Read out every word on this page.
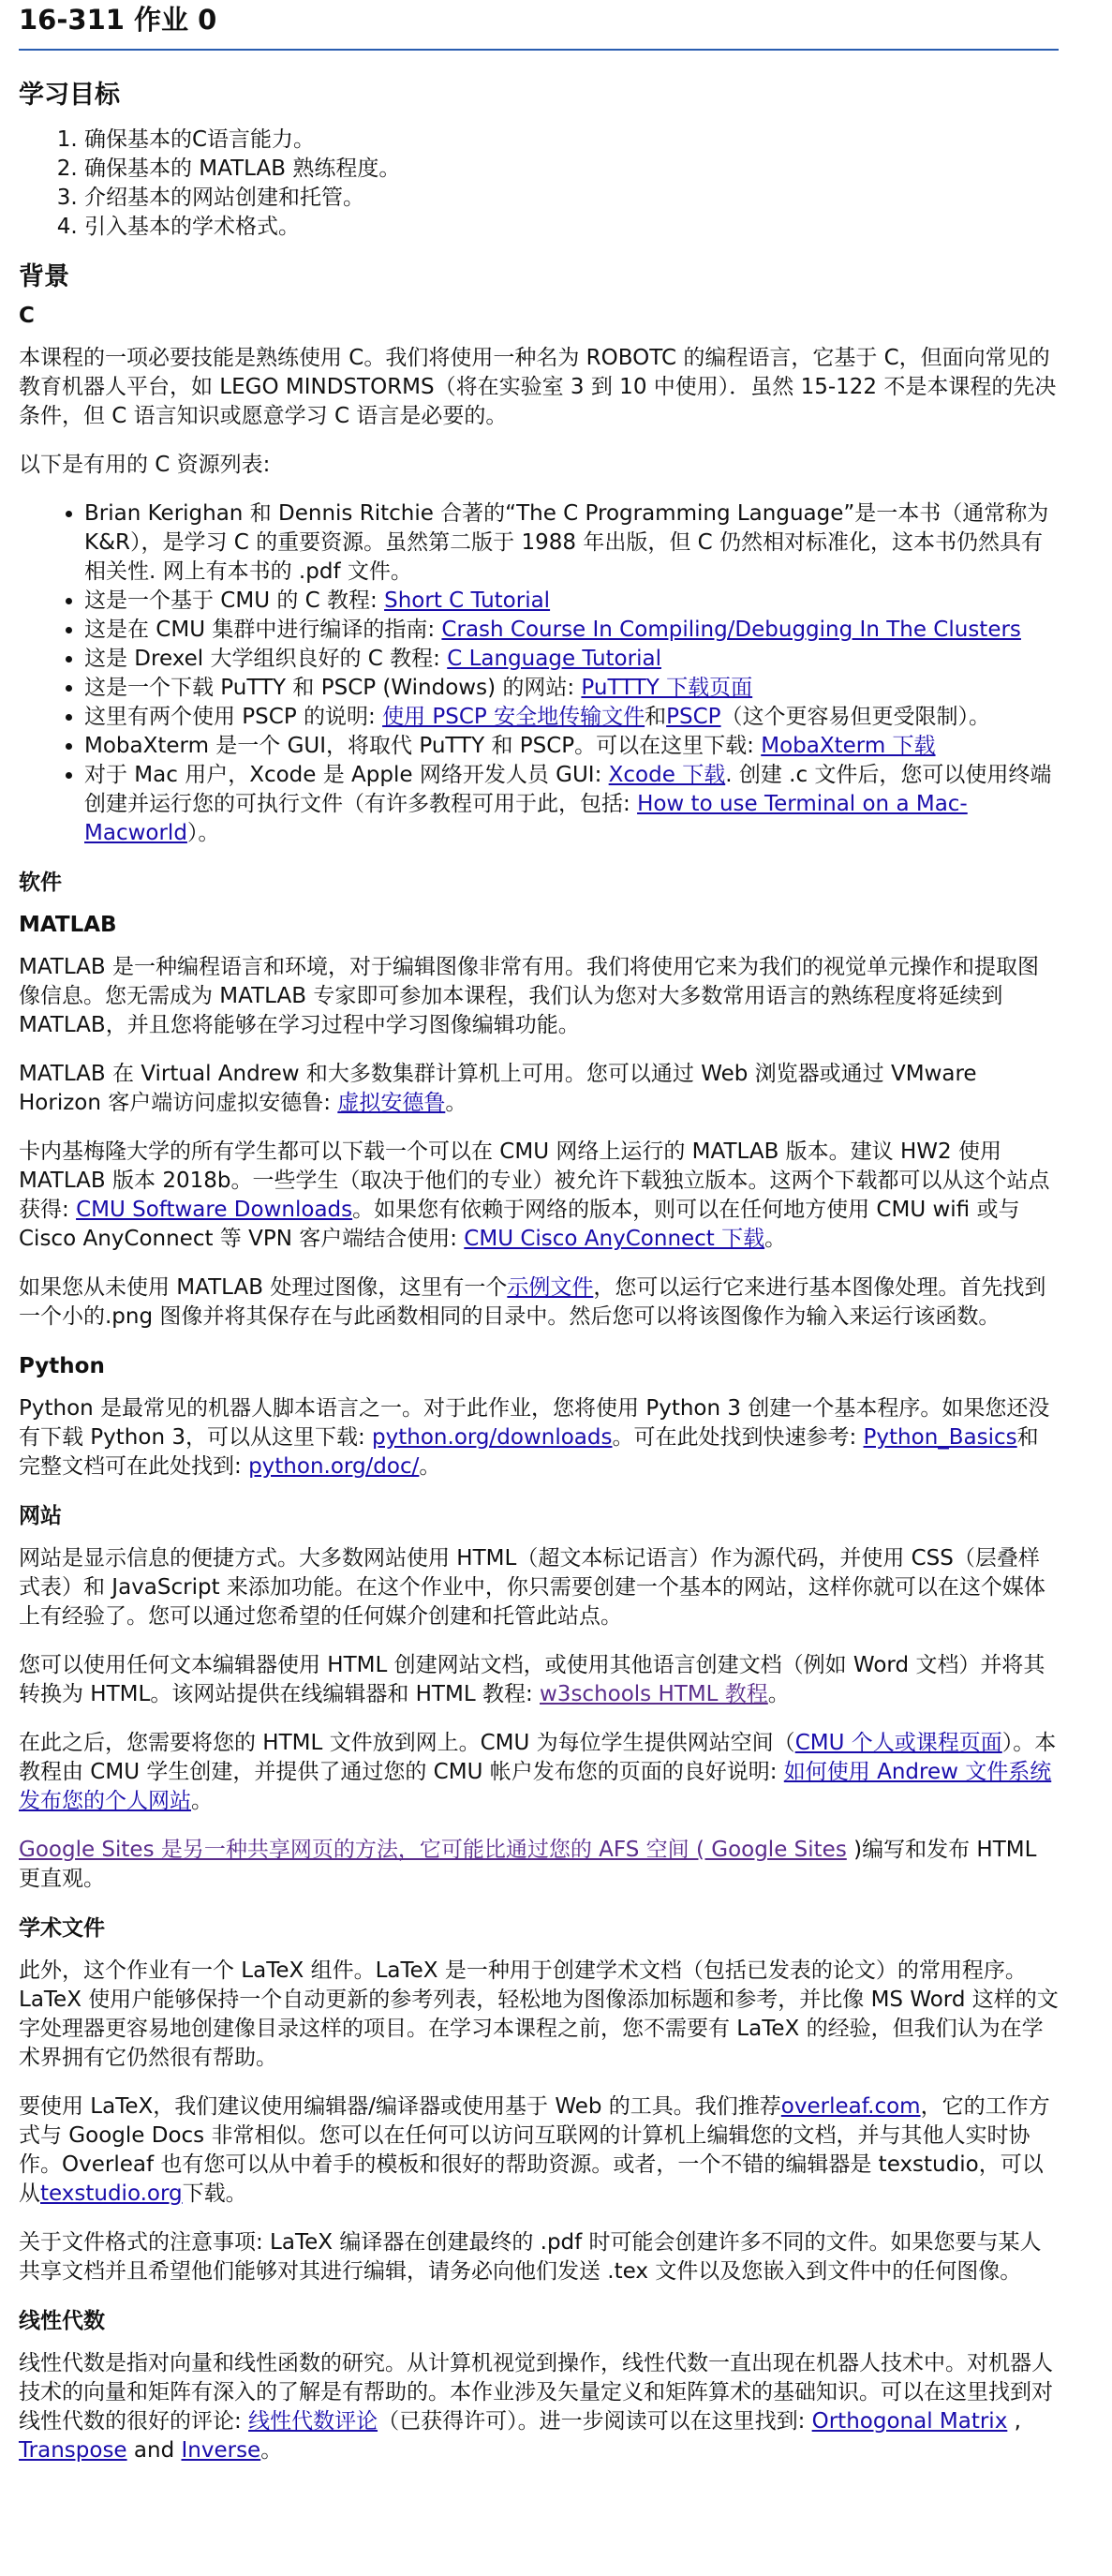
16-311 作业 0
学习目标
1. 确保基本的C语言能力。
2. 确保基本的 MATLAB 熟练程度。
3. 介绍基本的网站创建和托管。
4. 引入基本的学术格式。
背景
C

本课程的一项必要技能是熟练使用 C。我们将使用一种名为 ROBOTC 的编程语言，它基于 C，但面向常见的教育机器人平台，如 LEGO MINDSTORMS（将在实验室 3 到 10 中使用）．虽然 15-122 不是本课程的先决条件，但 C 语言知识或愿意学习 C 语言是必要的。

以下是有用的 C 资源列表:

• Brian Kerighan 和 Dennis Ritchie 合著的“The C Programming Language”是一本书（通常称为 K&R），是学习 C 的重要资源。虽然第二版于 1988 年出版，但 C 仍然相对标准化，这本书仍然具有相关性. 网上有本书的 .pdf 文件。
• 这是一个基于 CMU 的 C 教程: Short C Tutorial
• 这是在 CMU 集群中进行编译的指南: Crash Course In Compiling/Debugging In The Clusters
• 这是 Drexel 大学组织良好的 C 教程: C Language Tutorial
• 这是一个下载 PuTTY 和 PSCP (Windows) 的网站: PuTTTY 下载页面
• 这里有两个使用 PSCP 的说明: 使用 PSCP 安全地传输文件和PSCP（这个更容易但更受限制）。
• MobaXterm 是一个 GUI，将取代 PuTTY 和 PSCP。可以在这里下载: MobaXterm 下载
• 对于 Mac 用户，Xcode 是 Apple 网络开发人员 GUI: Xcode 下载. 创建 .c 文件后，您可以使用终端创建并运行您的可执行文件（有许多教程可用于此，包括: How to use Terminal on a Mac- Macworld）。
软件
MATLAB

MATLAB 是一种编程语言和环境，对于编辑图像非常有用。我们将使用它来为我们的视觉单元操作和提取图像信息。您无需成为 MATLAB 专家即可参加本课程，我们认为您对大多数常用语言的熟练程度将延续到 MATLAB，并且您将能够在学习过程中学习图像编辑功能。

MATLAB 在 Virtual Andrew 和大多数集群计算机上可用。您可以通过 Web 浏览器或通过 VMware Horizon 客户端访问虚拟安德鲁: 虚拟安德鲁。

卡内基梅隆大学的所有学生都可以下载一个可以在 CMU 网络上运行的 MATLAB 版本。建议 HW2 使用 MATLAB 版本 2018b。一些学生（取决于他们的专业）被允许下载独立版本。这两个下载都可以从这个站点获得: CMU Software Downloads。如果您有依赖于网络的版本，则可以在任何地方使用 CMU wifi 或与 Cisco AnyConnect 等 VPN 客户端结合使用: CMU Cisco AnyConnect 下载。

如果您从未使用 MATLAB 处理过图像，这里有一个示例文件，您可以运行它来进行基本图像处理。首先找到一个小的.png 图像并将其保存在与此函数相同的目录中。然后您可以将该图像作为输入来运行该函数。

Python

Python 是最常见的机器人脚本语言之一。对于此作业，您将使用 Python 3 创建一个基本程序。如果您还没有下载 Python 3，可以从这里下载: python.org/downloads。可在此处找到快速参考: Python_Basics和完整文档可在此处找到: python.org/doc/。

网站

网站是显示信息的便捷方式。大多数网站使用 HTML（超文本标记语言）作为源代码，并使用 CSS（层叠样式表）和 JavaScript 来添加功能。在这个作业中，你只需要创建一个基本的网站，这样你就可以在这个媒体上有经验了。您可以通过您希望的任何媒介创建和托管此站点。

您可以使用任何文本编辑器使用 HTML 创建网站文档，或使用其他语言创建文档（例如 Word 文档）并将其转换为 HTML。该网站提供在线编辑器和 HTML 教程: w3schools HTML 教程。

在此之后，您需要将您的 HTML 文件放到网上。CMU 为每位学生提供网站空间（CMU 个人或课程页面）。本教程由 CMU 学生创建，并提供了通过您的 CMU 帐户发布您的页面的良好说明: 如何使用 Andrew 文件系统发布您的个人网站。

Google Sites 是另一种共享网页的方法，它可能比通过您的 AFS 空间 ( Google Sites )编写和发布 HTML 更直观。

学术文件

此外，这个作业有一个 LaTeX 组件。LaTeX 是一种用于创建学术文档（包括已发表的论文）的常用程序。LaTeX 使用户能够保持一个自动更新的参考列表，轻松地为图像添加标题和参考，并比像 MS Word 这样的文字处理器更容易地创建像目录这样的项目。在学习本课程之前，您不需要有 LaTeX 的经验，但我们认为在学术界拥有它仍然很有帮助。

要使用 LaTeX，我们建议使用编辑器/编译器或使用基于 Web 的工具。我们推荐overleaf.com，它的工作方式与 Google Docs 非常相似。您可以在任何可以访问互联网的计算机上编辑您的文档，并与其他人实时协作。Overleaf 也有您可以从中着手的模板和很好的帮助资源。或者，一个不错的编辑器是 texstudio，可以从texstudio.org下载。

关于文件格式的注意事项: LaTeX 编译器在创建最终的 .pdf 时可能会创建许多不同的文件。如果您要与某人共享文档并且希望他们能够对其进行编辑，请务必向他们发送 .tex 文件以及您嵌入到文件中的任何图像。

线性代数

线性代数是指对向量和线性函数的研究。从计算机视觉到操作，线性代数一直出现在机器人技术中。对机器人技术的向量和矩阵有深入的了解是有帮助的。本作业涉及矢量定义和矩阵算术的基础知识。可以在这里找到对线性代数的很好的评论: 线性代数评论（已获得许可）。进一步阅读可以在这里找到: Orthogonal Matrix , Transpose and Inverse。
